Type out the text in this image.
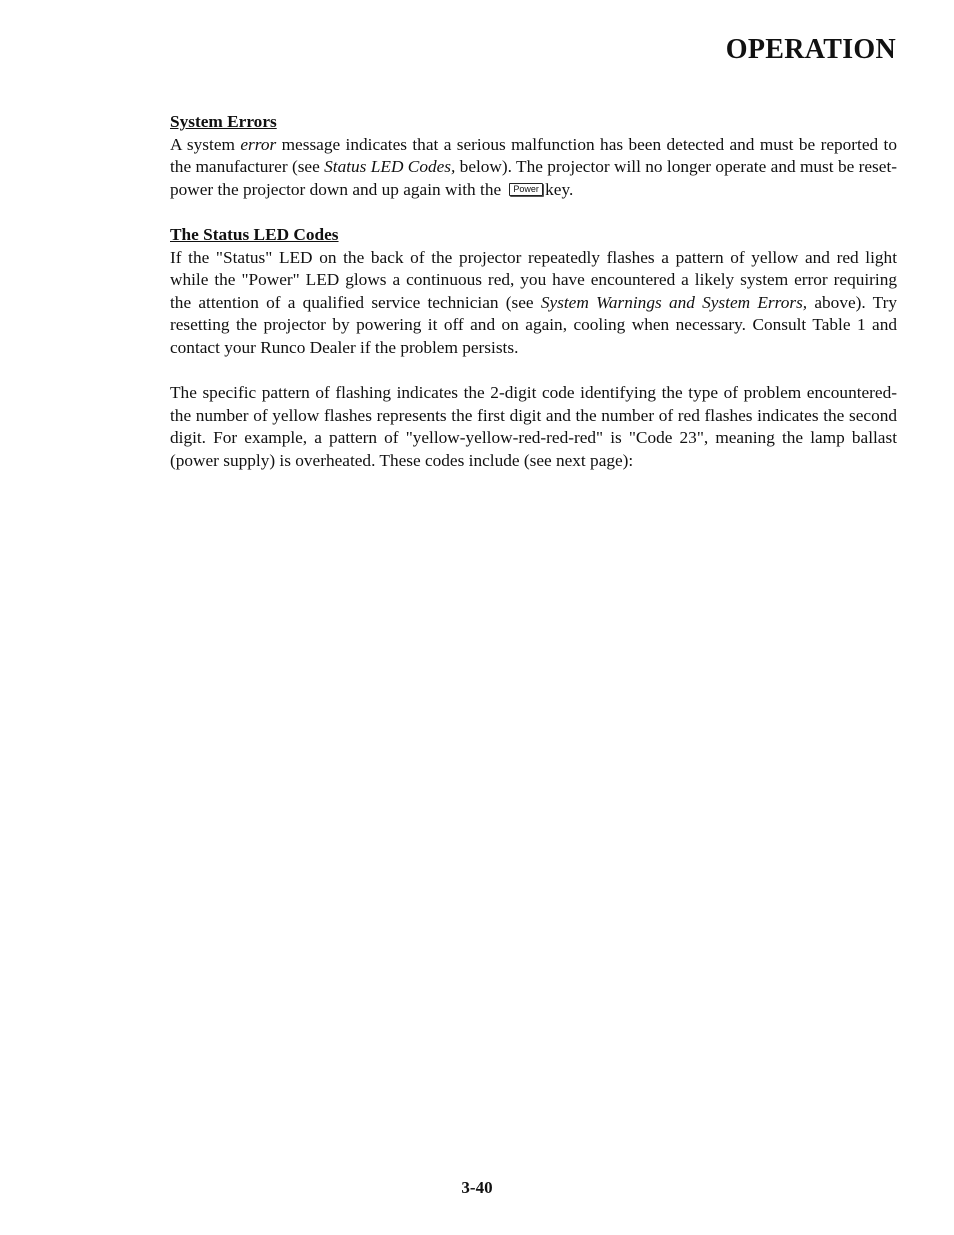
OPERATION
System Errors

A system error message indicates that a serious malfunction has been detected and must be reported to the manufacturer (see Status LED Codes, below). The projector will no longer operate and must be reset-power the projector down and up again with the Power key.

The Status LED Codes

If the "Status" LED on the back of the projector repeatedly flashes a pattern of yellow and red light while the "Power" LED glows a continuous red, you have encountered a likely system error requiring the attention of a qualified service technician (see System Warnings and System Errors, above). Try resetting the projector by powering it off and on again, cooling when necessary. Consult Table 1 and contact your Runco Dealer if the problem persists.

The specific pattern of flashing indicates the 2-digit code identifying the type of problem encountered-the number of yellow flashes represents the first digit and the number of red flashes indicates the second digit. For example, a pattern of "yellow-yellow-red-red-red" is "Code 23", meaning the lamp ballast (power supply) is overheated. These codes include (see next page):

3-40
